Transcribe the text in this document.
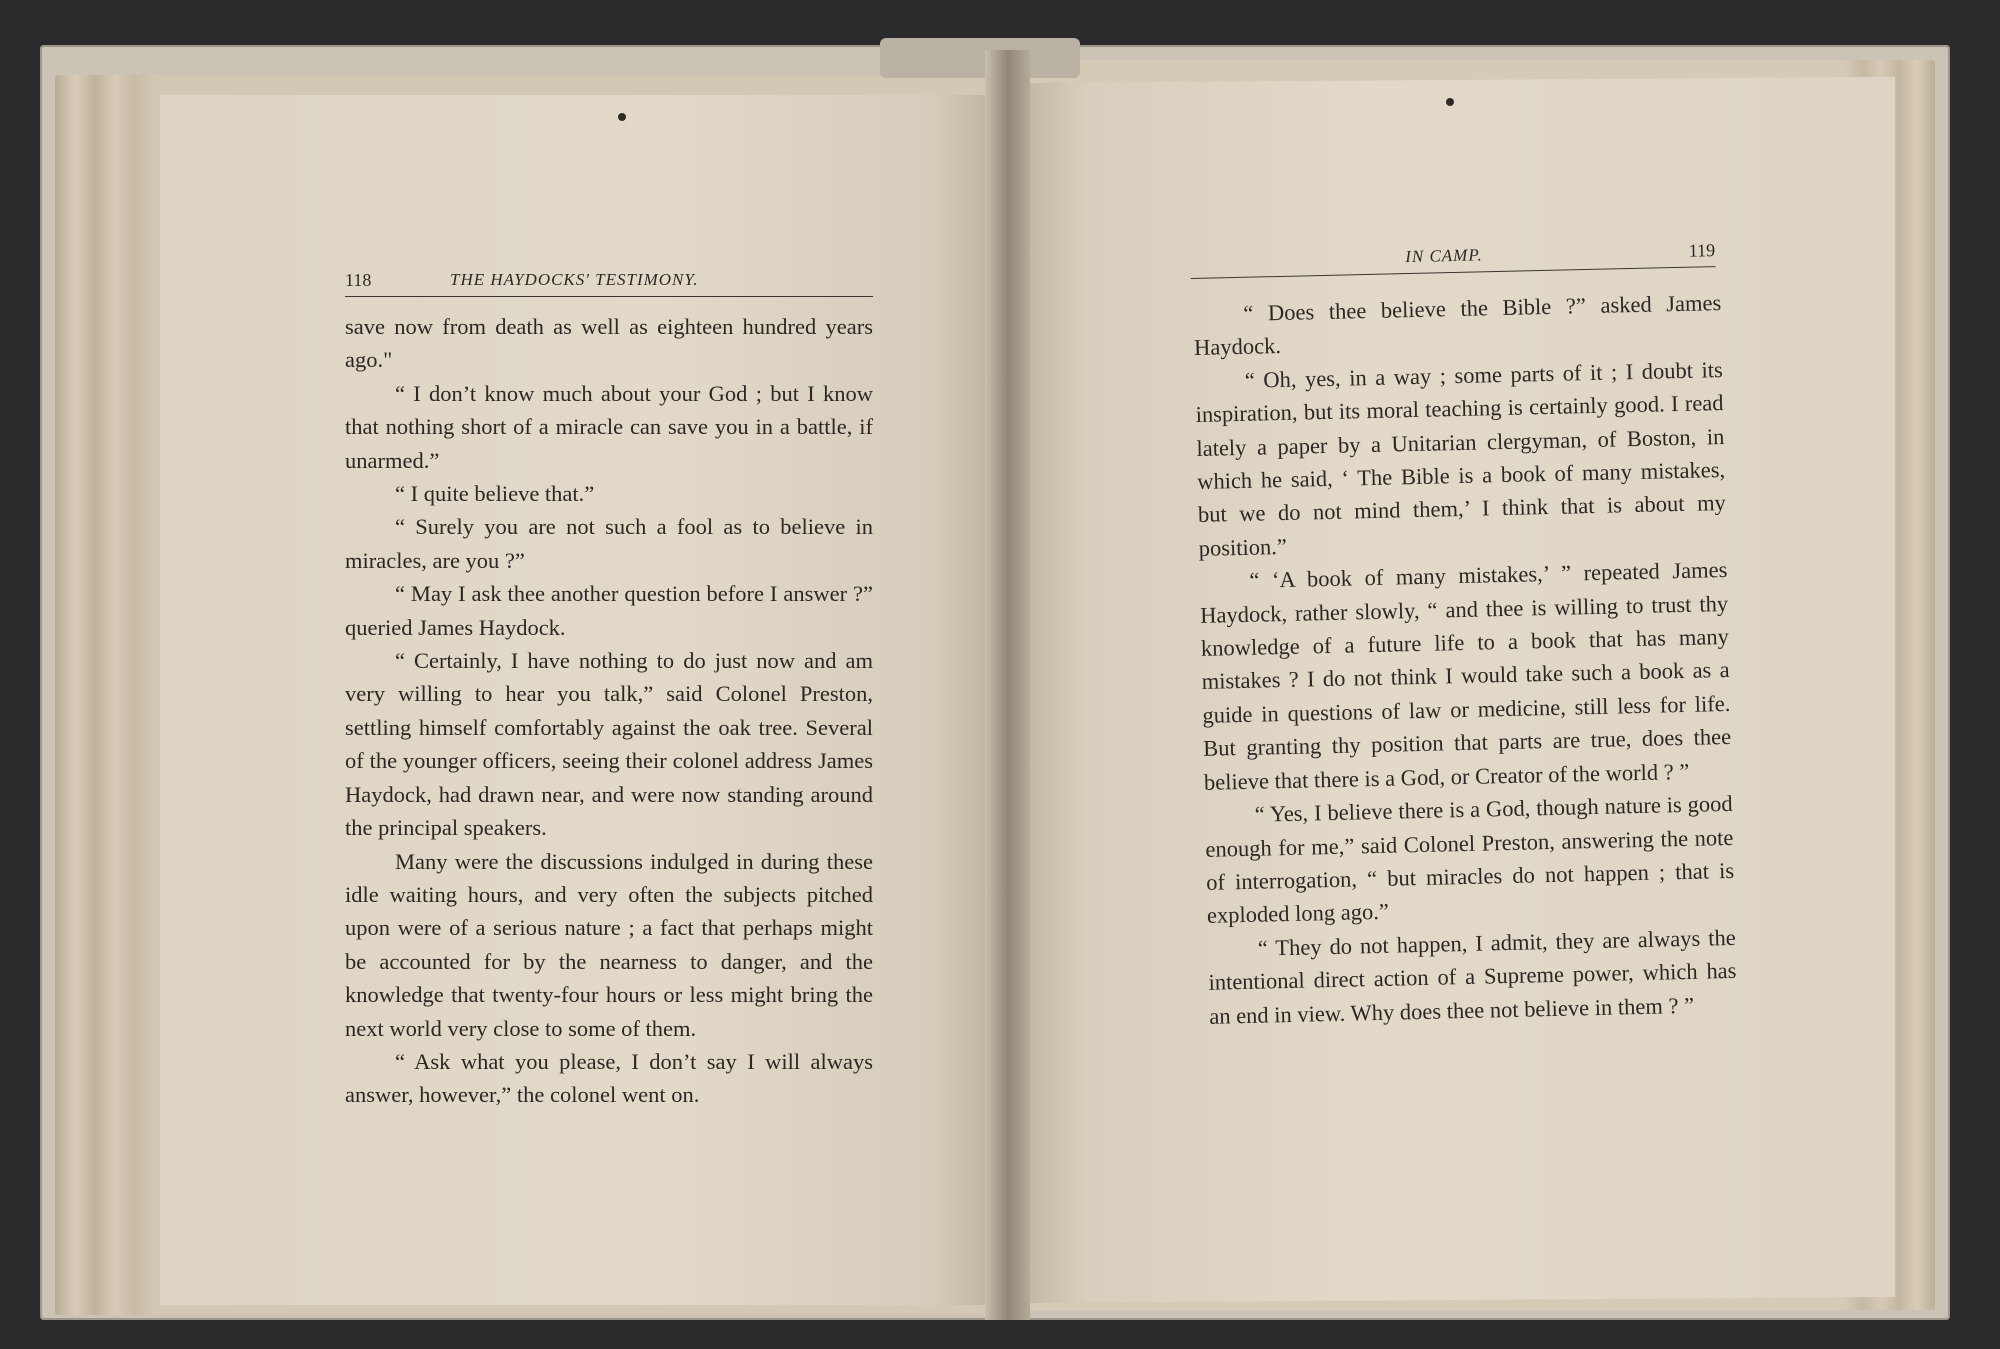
118	THE HAYDOCKS' TESTIMONY.
IN CAMP.	119

save now from death as well as eighteen hundred years ago."

“ I don’t know much about your God ; but I know that nothing short of a miracle can save you in a battle, if unarmed.”

“ I quite believe that.”

“ Surely you are not such a fool as to believe in miracles, are you ?”

“ May I ask thee another question before I answer ?” queried James Haydock.

“ Certainly, I have nothing to do just now and am very willing to hear you talk,” said Colonel Preston, settling himself comfortably against the oak tree. Several of the younger officers, seeing their colonel address James Haydock, had drawn near, and were now standing around the principal speakers.

Many were the discussions indulged in during these idle waiting hours, and very often the subjects pitched upon were of a serious nature ; a fact that perhaps might be accounted for by the nearness to danger, and the knowledge that twenty-four hours or less might bring the next world very close to some of them.

“ Ask what you please, I don’t say I will always answer, however,” the colonel went on.

“ Does thee believe the Bible ?” asked James Haydock.

“ Oh, yes, in a way ; some parts of it ; I doubt its inspiration, but its moral teaching is certainly good. I read lately a paper by a Unitarian clergyman, of Boston, in which he said, ‘ The Bible is a book of many mistakes, but we do not mind them,’ I think that is about my position.”

“ ‘A book of many mistakes,’ ” repeated James Haydock, rather slowly, “ and thee is willing to trust thy knowledge of a future life to a book that has many mistakes ? I do not think I would take such a book as a guide in questions of law or medicine, still less for life. But granting thy position that parts are true, does thee believe that there is a God, or Creator of the world ? ”

“ Yes, I believe there is a God, though nature is good enough for me,” said Colonel Preston, answering the note of interrogation, “ but miracles do not happen ; that is exploded long ago.”

“ They do not happen, I admit, they are always the intentional direct action of a Supreme power, which has an end in view. Why does thee not believe in them ? ”
